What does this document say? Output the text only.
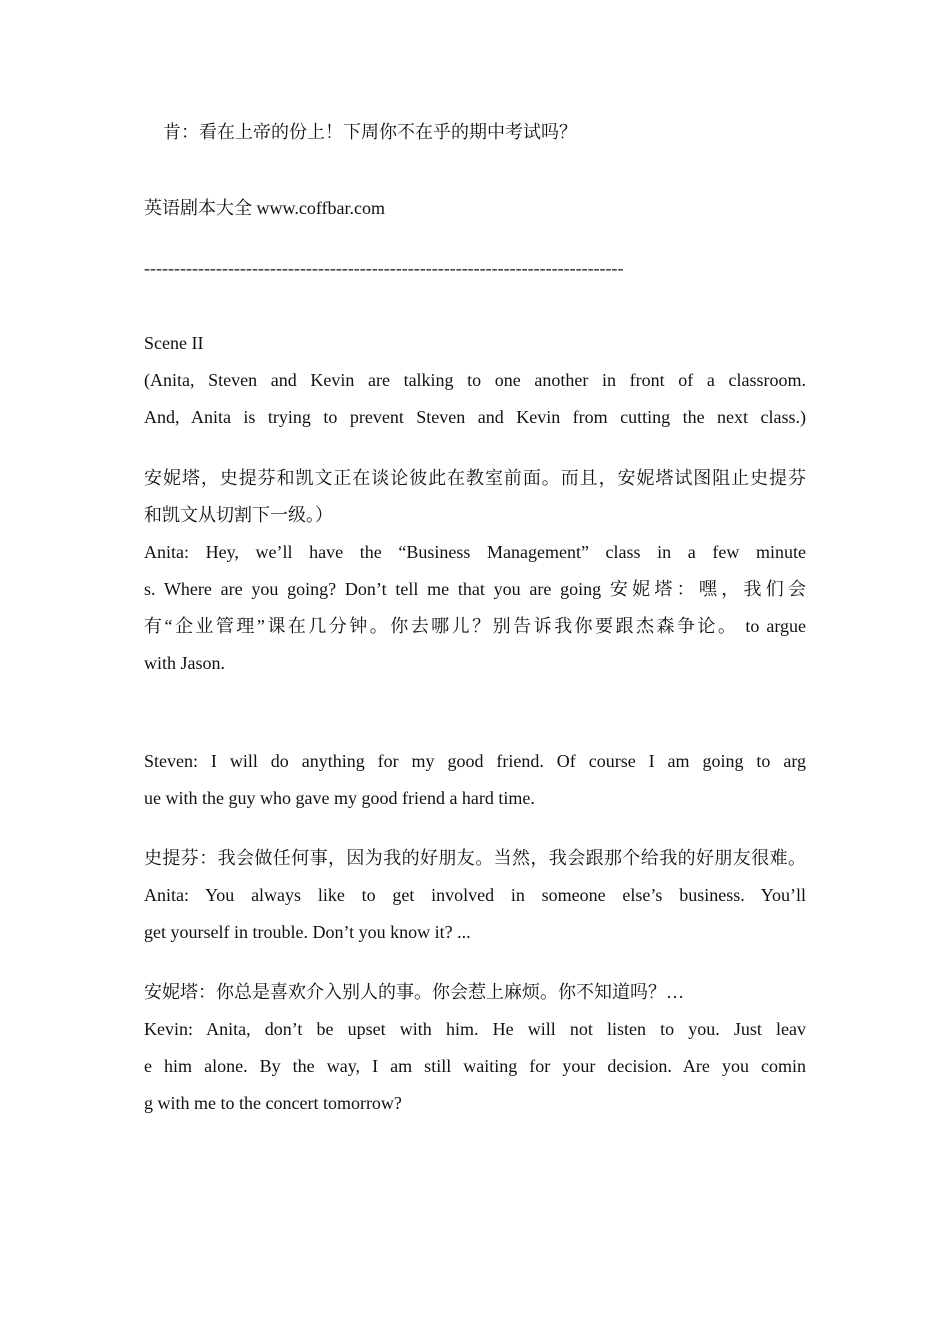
肯：看在上帝的份上！下周你不在乎的期中考试吗？
英语剧本大全 www.coffbar.com
--------------------------------------------------------------------------------
Scene II
(Anita, Steven and Kevin are talking to one another in front of a classroom.
And, Anita is trying to prevent Steven and Kevin from cutting the next class.)
安妮塔，史提芬和凯文正在谈论彼此在教室前面。而且，安妮塔试图阻止史提芬
和凯文从切割下一级。）
Anita: Hey, we’ll have the “Business Management” class in a few minute
s. Where are you going? Don’t tell me that you are going 安妮塔：嘿，我们会
有“企业管理”课在几分钟。你去哪儿？别告诉我你要跟杰森争论。 to argue
with Jason.
Steven: I will do anything for my good friend. Of course I am going to arg
ue with the guy who gave my good friend a hard time.
史提芬：我会做任何事，因为我的好朋友。当然，我会跟那个给我的好朋友很难。
Anita: You always like to get involved in someone else’s business. You’ll
get yourself in trouble. Don’t you know it? ...
安妮塔：你总是喜欢介入别人的事。你会惹上麻烦。你不知道吗？…
Kevin: Anita, don’t be upset with him. He will not listen to you. Just leav
e him alone. By the way, I am still waiting for your decision. Are you comin
g with me to the concert tomorrow?
